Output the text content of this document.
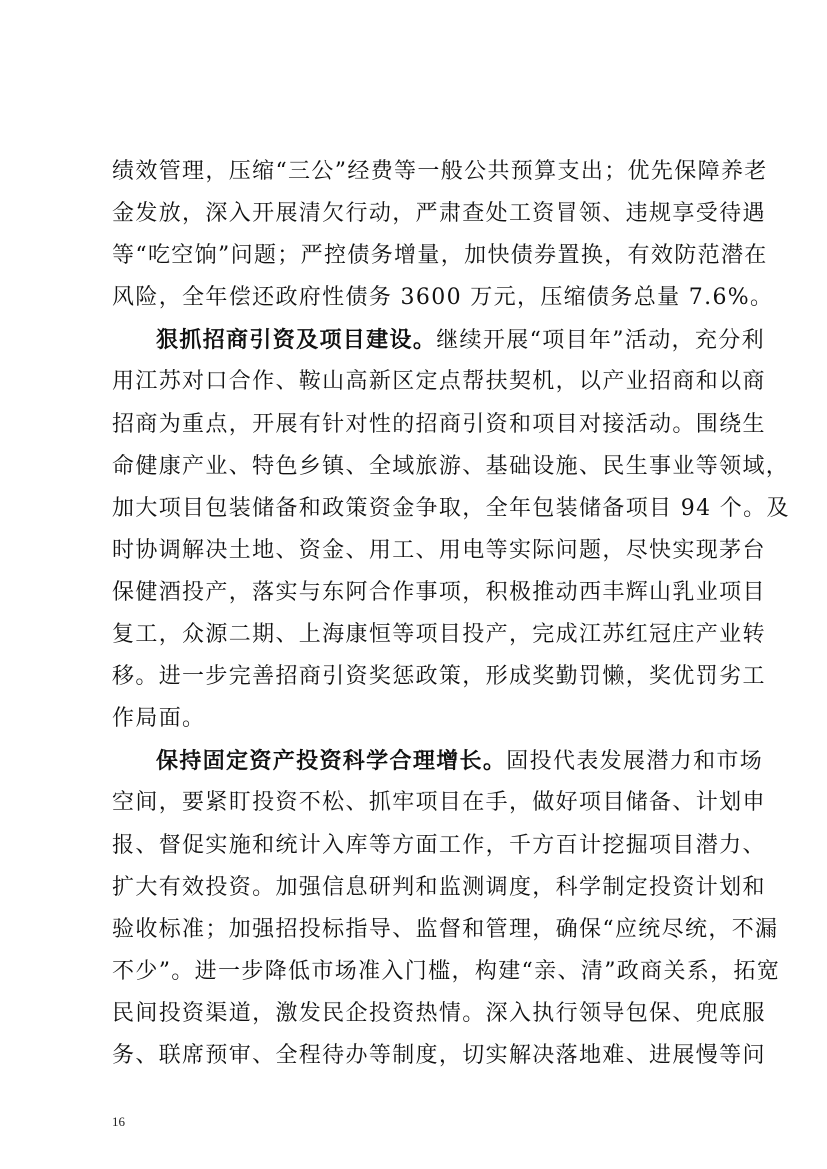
绩效管理，压缩“三公”经费等一般公共预算支出；优先保障养老
金发放，深入开展清欠行动，严肃查处工资冒领、违规享受待遇
等“吃空饷”问题；严控债务增量，加快债券置换，有效防范潜在
风险，全年偿还政府性债务 3600 万元，压缩债务总量 7.6%。
狠抓招商引资及项目建设。继续开展“项目年”活动，充分利
用江苏对口合作、鞍山高新区定点帮扶契机，以产业招商和以商
招商为重点，开展有针对性的招商引资和项目对接活动。围绕生
命健康产业、特色乡镇、全域旅游、基础设施、民生事业等领域，
加大项目包装储备和政策资金争取，全年包装储备项目 94 个。及
时协调解决土地、资金、用工、用电等实际问题，尽快实现茅台
保健酒投产，落实与东阿合作事项，积极推动西丰辉山乳业项目
复工，众源二期、上海康恒等项目投产，完成江苏红冠庄产业转
移。进一步完善招商引资奖惩政策，形成奖勤罚懒，奖优罚劣工
作局面。
保持固定资产投资科学合理增长。固投代表发展潜力和市场
空间，要紧盯投资不松、抓牢项目在手，做好项目储备、计划申
报、督促实施和统计入库等方面工作，千方百计挖掘项目潜力、
扩大有效投资。加强信息研判和监测调度，科学制定投资计划和
验收标准；加强招投标指导、监督和管理，确保“应统尽统，不漏
不少”。进一步降低市场准入门槛，构建“亲、清”政商关系，拓宽
民间投资渠道，激发民企投资热情。深入执行领导包保、兜底服
务、联席预审、全程待办等制度，切实解决落地难、进展慢等问
16
